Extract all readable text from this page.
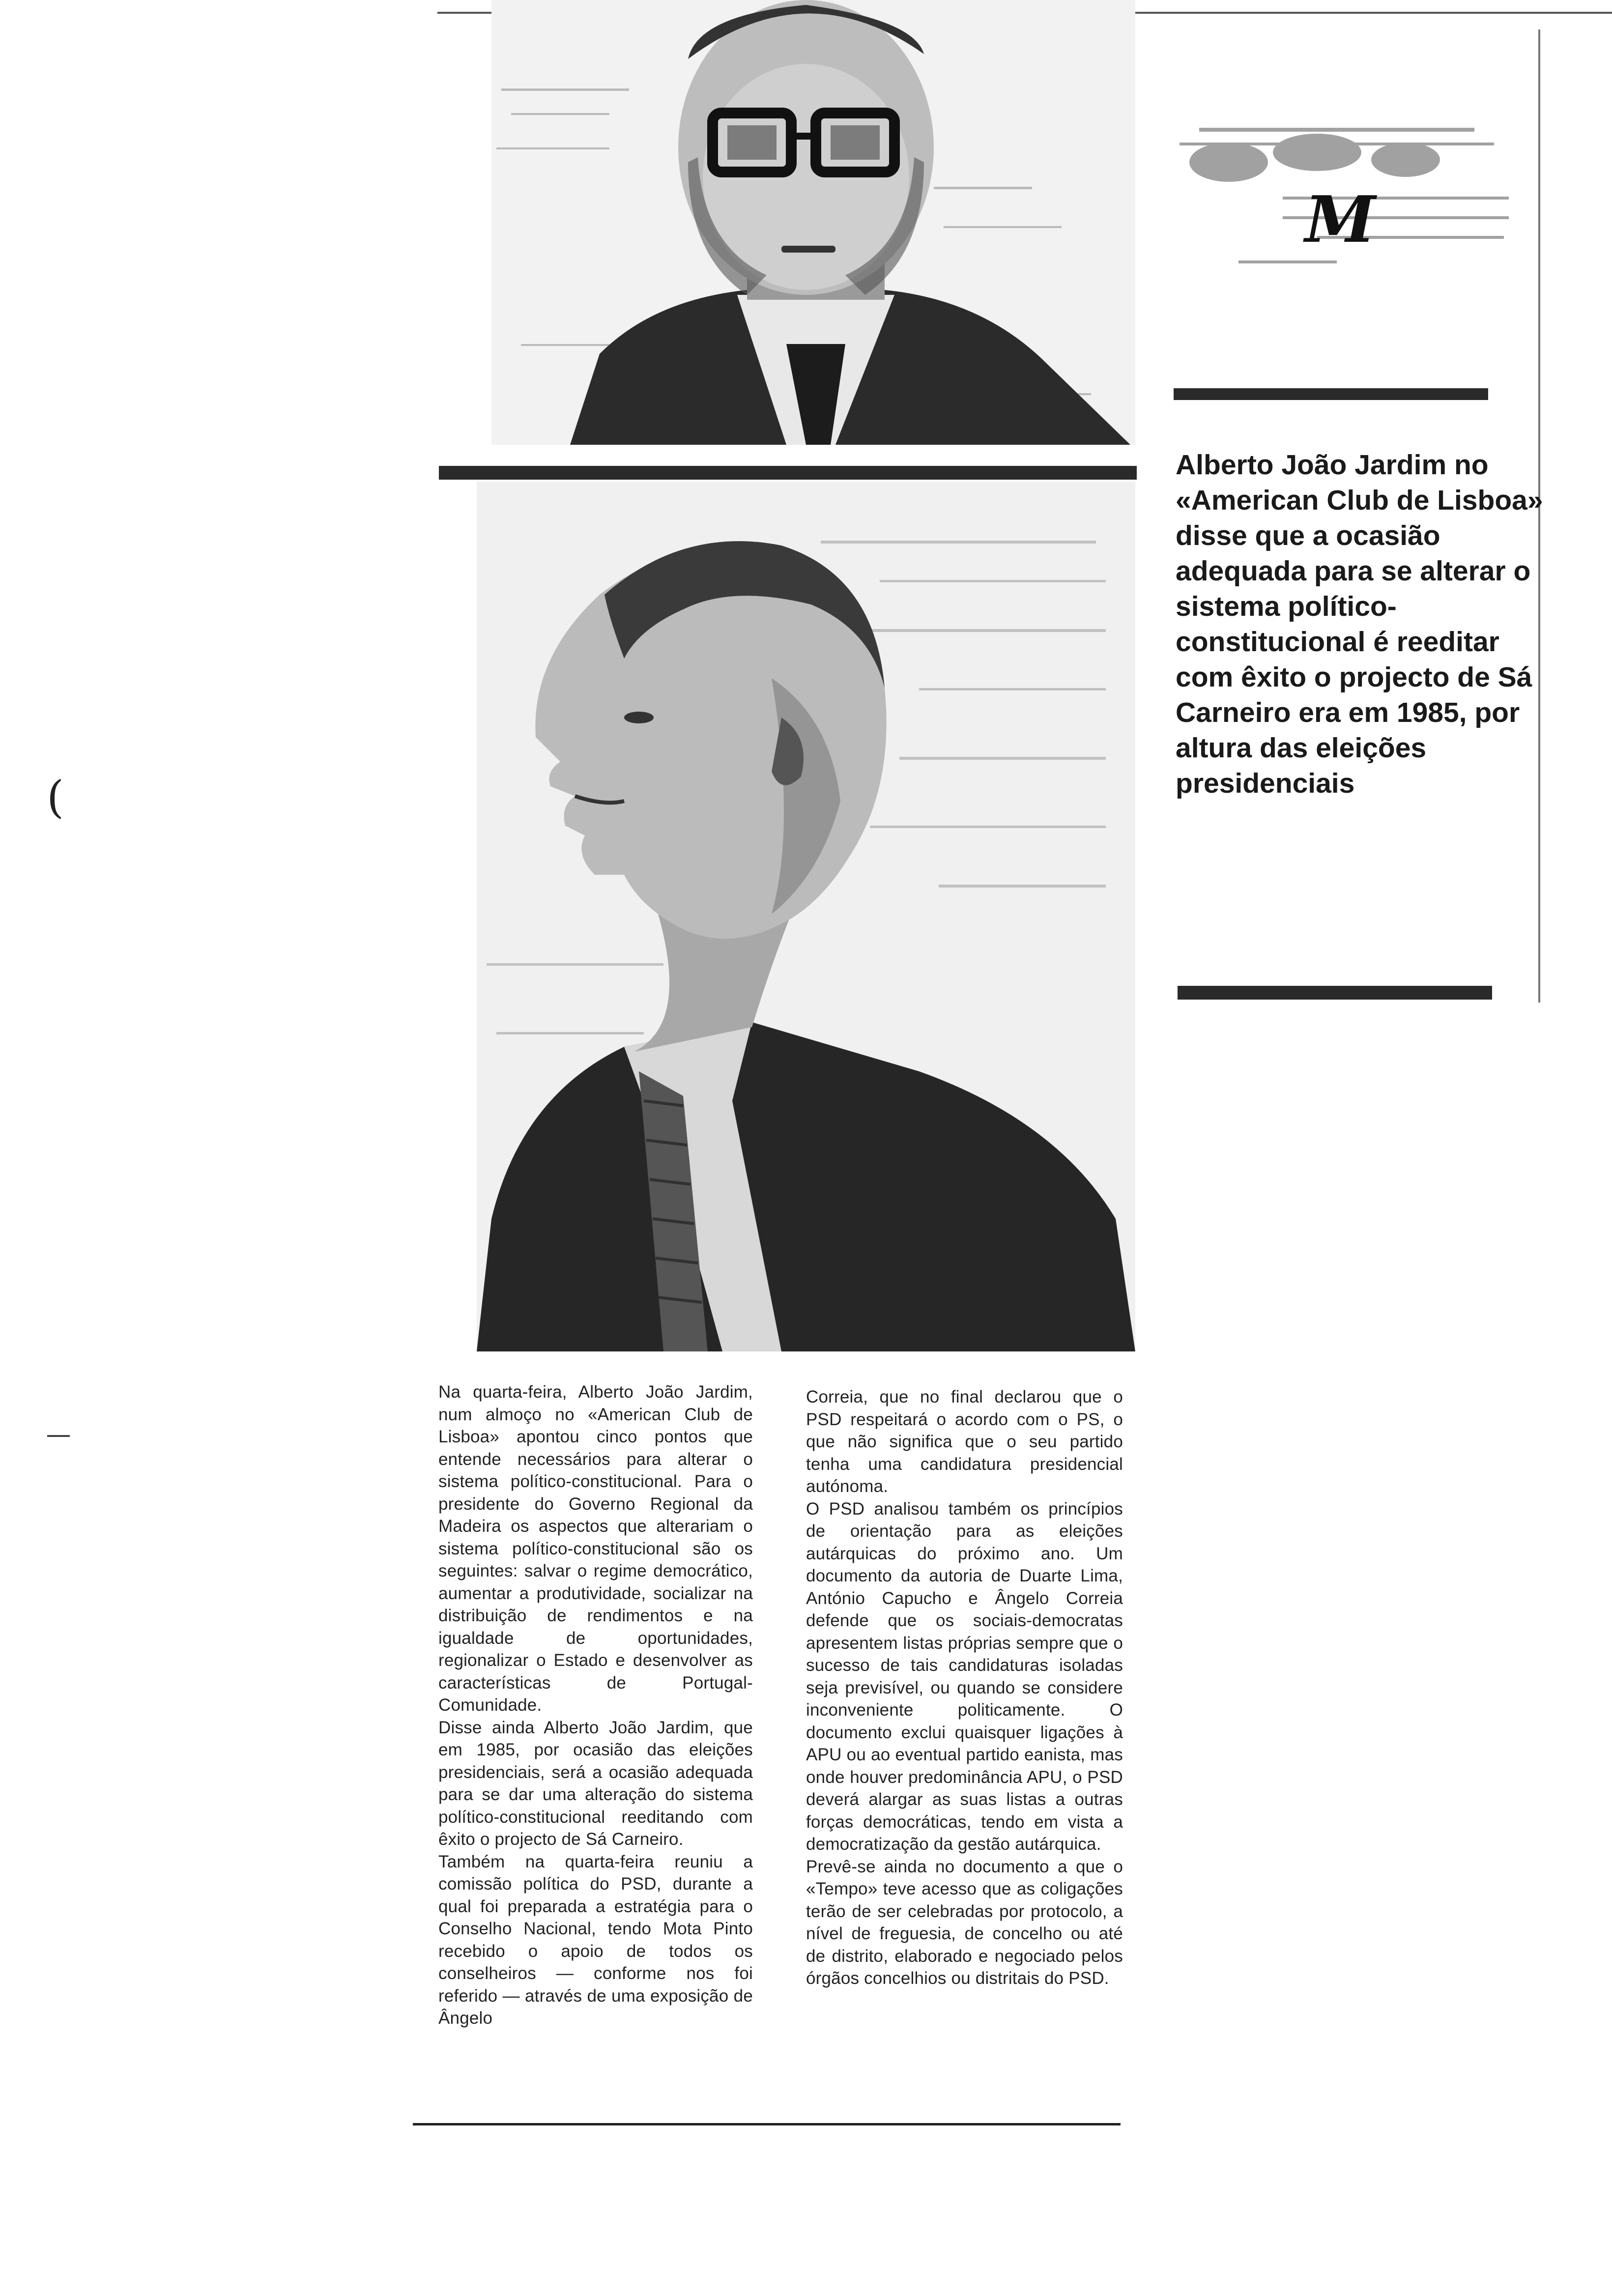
M
Alberto João Jardim no «American Club de Lisboa» disse que a ocasião adequada para se alterar o sistema político-constitucional é reeditar com êxito o projecto de Sá Carneiro era em 1985, por altura das eleições presidenciais
(

Na quarta-feira, Alberto João Jardim, num almoço no «American Club de Lisboa» apontou cinco pontos que entende necessários para alterar o sistema político-constitucional. Para o presidente do Governo Regional da Madeira os aspectos que alterariam o sistema político-constitucional são os seguintes: salvar o regime democrático, aumentar a produtividade, socializar na distribuição de rendimentos e na igualdade de oportunidades, regionalizar o Estado e desenvolver as características de Portugal-Comunidade.

Disse ainda Alberto João Jardim, que em 1985, por ocasião das eleições presidenciais, será a ocasião adequada para se dar uma alteração do sistema político-constitucional reeditando com êxito o projecto de Sá Carneiro.

Também na quarta-feira reuniu a comissão política do PSD, durante a qual foi preparada a estratégia para o Conselho Nacional, tendo Mota Pinto recebido o apoio de todos os conselheiros — conforme nos foi referido — através de uma exposição de Ângelo

Correia, que no final declarou que o PSD respeitará o acordo com o PS, o que não significa que o seu partido tenha uma candidatura presidencial autónoma.

O PSD analisou também os princípios de orientação para as eleições autárquicas do próximo ano. Um documento da autoria de Duarte Lima, António Capucho e Ângelo Correia defende que os sociais-democratas apresentem listas próprias sempre que o sucesso de tais candidaturas isoladas seja previsível, ou quando se considere inconveniente politicamente. O documento exclui quaisquer ligações à APU ou ao eventual partido eanista, mas onde houver predominância APU, o PSD deverá alargar as suas listas a outras forças democráticas, tendo em vista a democratização da gestão autárquica.

Prevê-se ainda no documento a que o «Tempo» teve acesso que as coligações terão de ser celebradas por protocolo, a nível de freguesia, de concelho ou até de distrito, elaborado e negociado pelos órgãos concelhios ou distritais do PSD.
